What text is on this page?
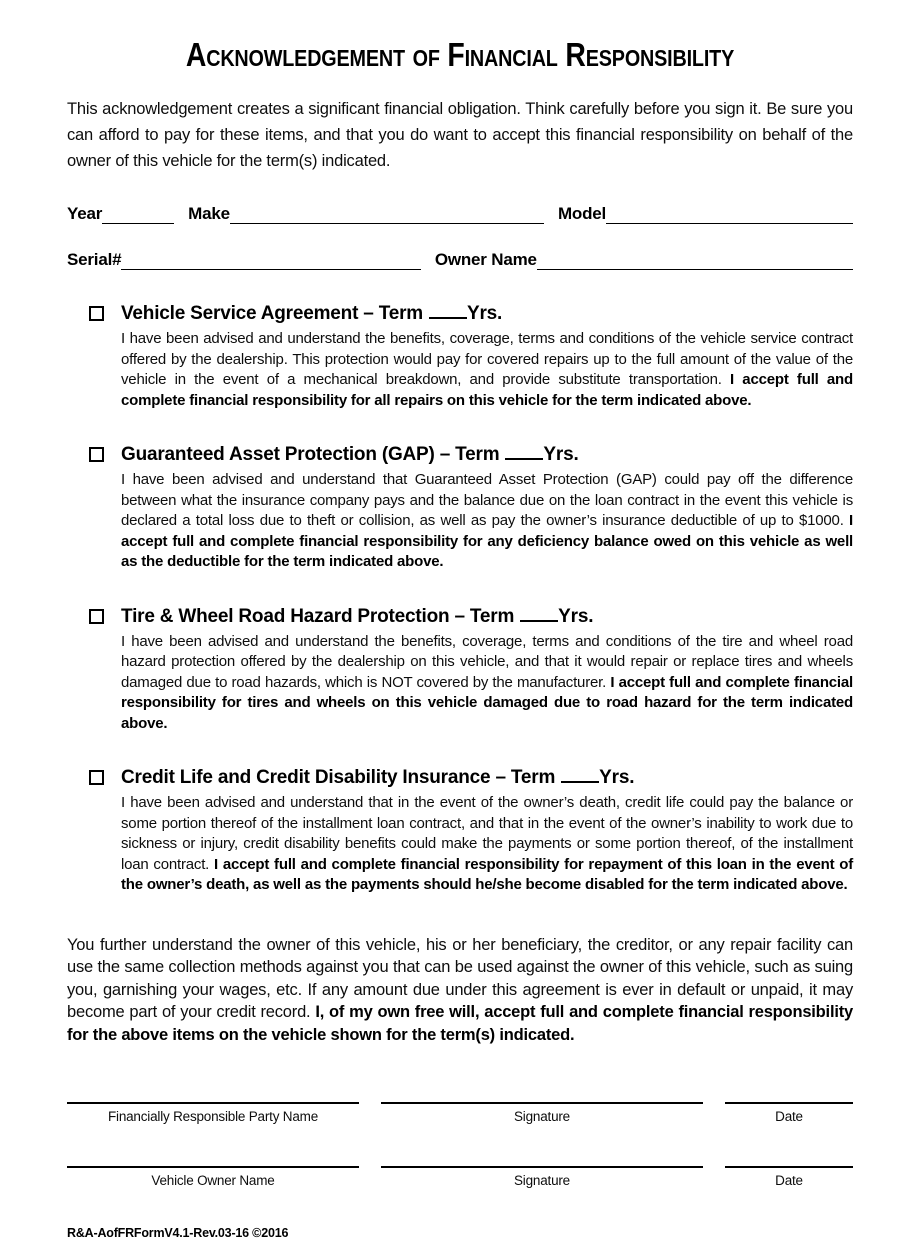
Acknowledgement of Financial Responsibility

This acknowledgement creates a significant financial obligation. Think carefully before you sign it. Be sure you can afford to pay for these items, and that you do want to accept this financial responsibility on behalf of the owner of this vehicle for the term(s) indicated.

Year	Make	Model
Serial#	Owner Name
Vehicle Service Agreement – Term Yrs.

I have been advised and understand the benefits, coverage, terms and conditions of the vehicle service contract offered by the dealership. This protection would pay for covered repairs up to the full amount of the value of the vehicle in the event of a mechanical breakdown, and provide substitute transportation. I accept full and complete financial responsibility for all repairs on this vehicle for the term indicated above.

Guaranteed Asset Protection (GAP) – Term Yrs.

I have been advised and understand that Guaranteed Asset Protection (GAP) could pay off the difference between what the insurance company pays and the balance due on the loan contract in the event this vehicle is declared a total loss due to theft or collision, as well as pay the owner’s insurance deductible of up to $1000. I accept full and complete financial responsibility for any deficiency balance owed on this vehicle as well as the deductible for the term indicated above.

Tire & Wheel Road Hazard Protection – Term Yrs.

I have been advised and understand the benefits, coverage, terms and conditions of the tire and wheel road hazard protection offered by the dealership on this vehicle, and that it would repair or replace tires and wheels damaged due to road hazards, which is NOT covered by the manufacturer. I accept full and complete financial responsibility for tires and wheels on this vehicle damaged due to road hazard for the term indicated above.

Credit Life and Credit Disability Insurance – Term Yrs.

I have been advised and understand that in the event of the owner’s death, credit life could pay the balance or some portion thereof of the installment loan contract, and that in the event of the owner’s inability to work due to sickness or injury, credit disability benefits could make the payments or some portion thereof, of the installment loan contract. I accept full and complete financial responsibility for repayment of this loan in the event of the owner’s death, as well as the payments should he/she become disabled for the term indicated above.

You further understand the owner of this vehicle, his or her beneficiary, the creditor, or any repair facility can use the same collection methods against you that can be used against the owner of this vehicle, such as suing you, garnishing your wages, etc. If any amount due under this agreement is ever in default or unpaid, it may become part of your credit record. I, of my own free will, accept full and complete financial responsibility for the above items on the vehicle shown for the term(s) indicated.

Financially Responsible Party Name	Signature	Date
Vehicle Owner Name	Signature	Date
R&A-AofFRFormV4.1-Rev.03-16 ©2016
